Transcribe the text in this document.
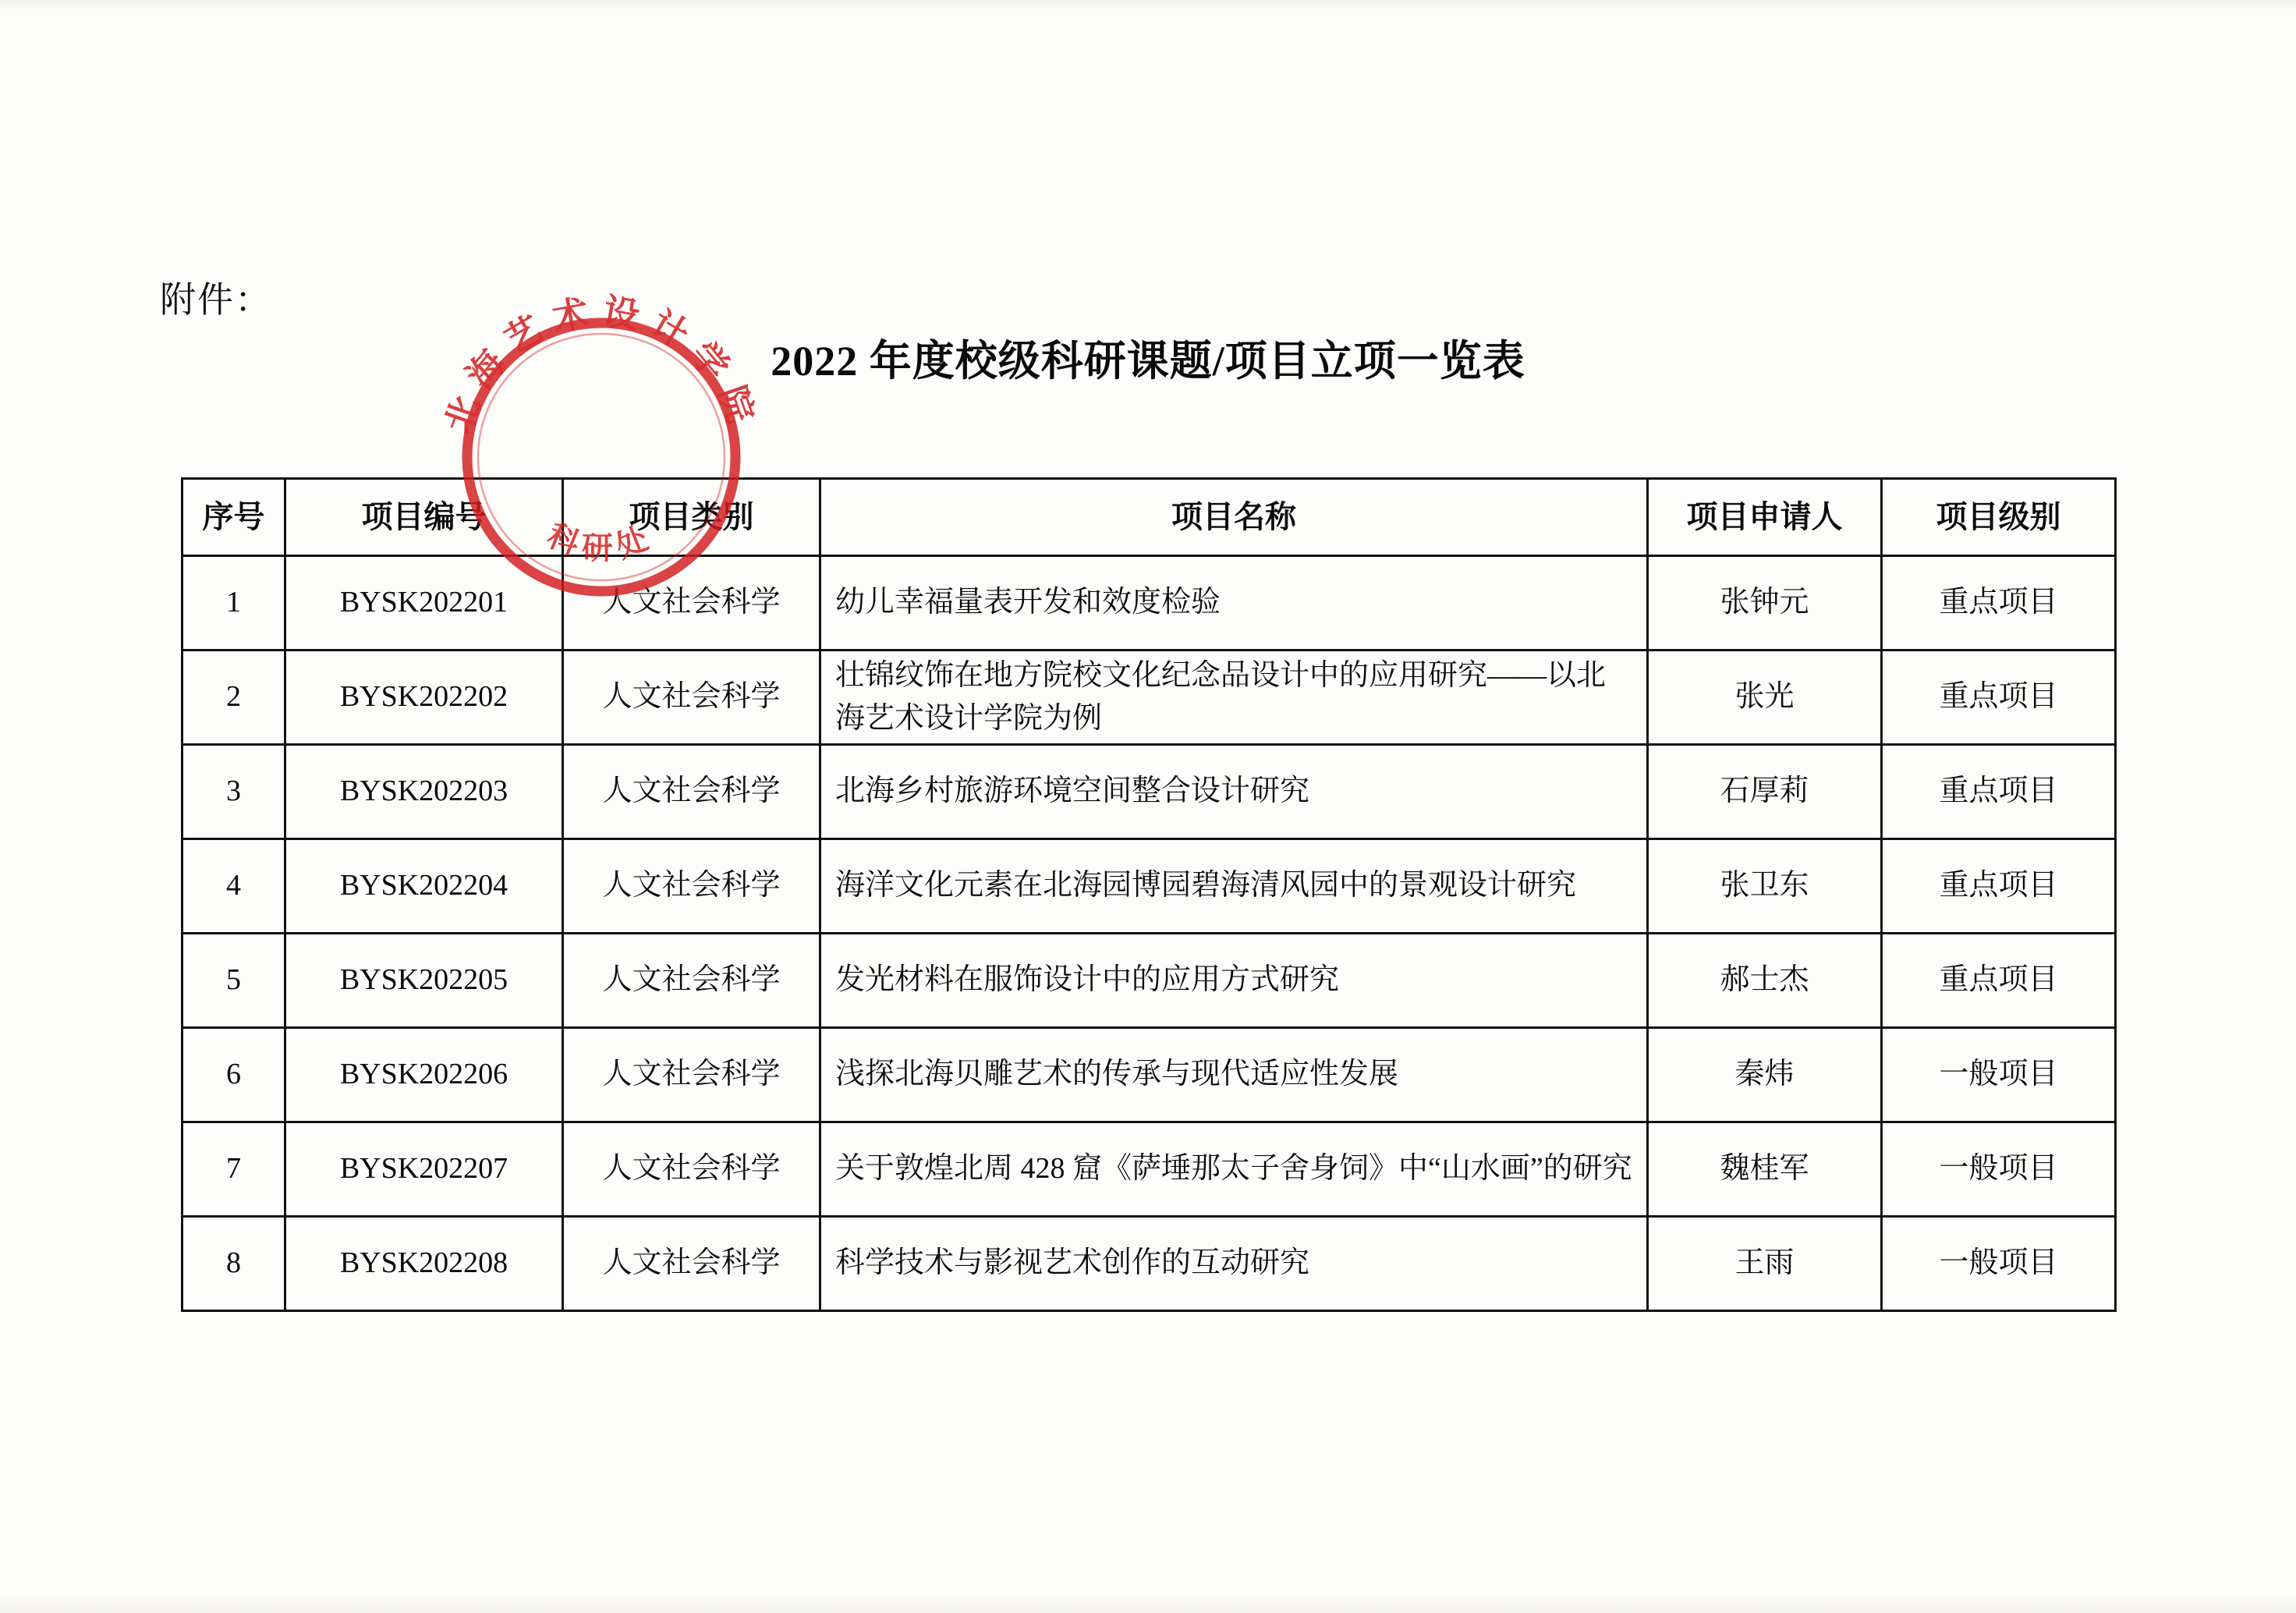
附件：
2022 年度校级科研课题/项目立项一览表
北海艺术设计学院
科研处
序号	项目编号	项目类别	项目名称	项目申请人	项目级别
1	BYSK202201	人文社会科学	幼儿幸福量表开发和效度检验	张钟元	重点项目
2	BYSK202202	人文社会科学	壮锦纹饰在地方院校文化纪念品设计中的应用研究——以北海艺术设计学院为例	张光	重点项目
3	BYSK202203	人文社会科学	北海乡村旅游环境空间整合设计研究	石厚莉	重点项目
4	BYSK202204	人文社会科学	海洋文化元素在北海园博园碧海清风园中的景观设计研究	张卫东	重点项目
5	BYSK202205	人文社会科学	发光材料在服饰设计中的应用方式研究	郝士杰	重点项目
6	BYSK202206	人文社会科学	浅探北海贝雕艺术的传承与现代适应性发展	秦炜	一般项目
7	BYSK202207	人文社会科学	关于敦煌北周 428 窟《萨埵那太子舍身饲》中“山水画”的研究	魏桂军	一般项目
8	BYSK202208	人文社会科学	科学技术与影视艺术创作的互动研究	王雨	一般项目
